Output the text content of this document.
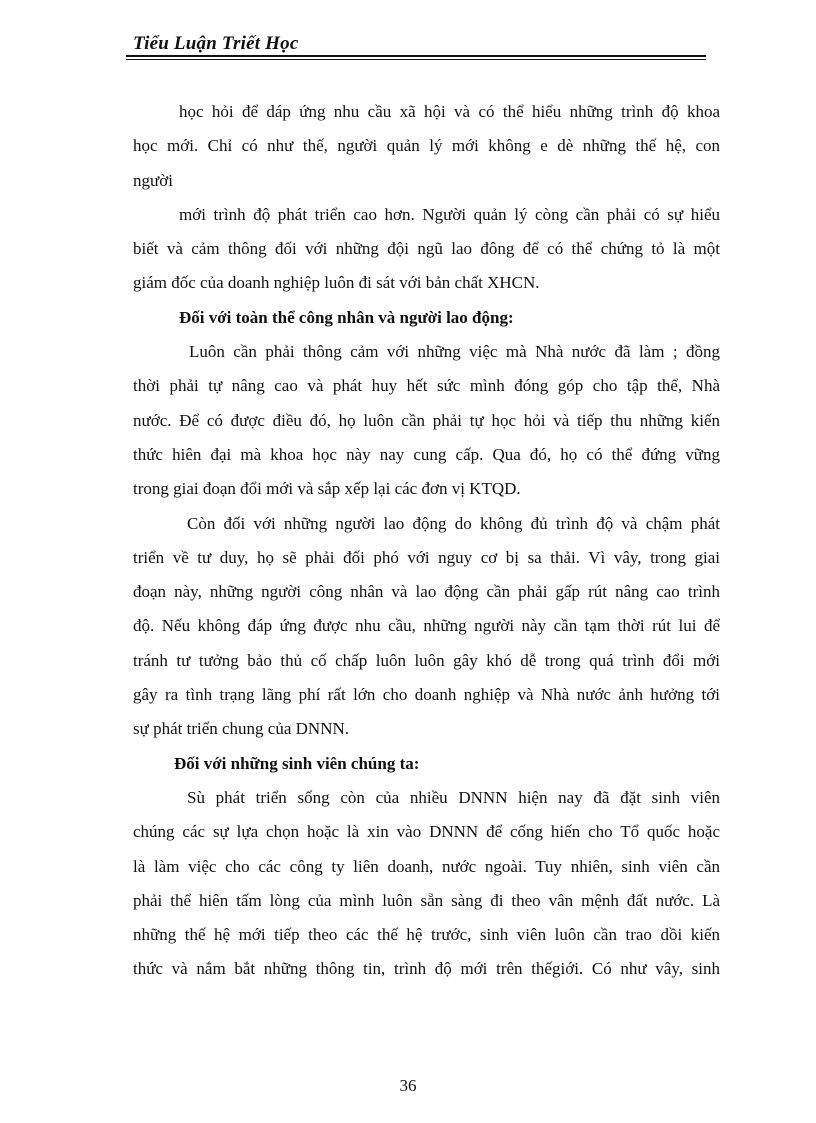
Tiểu Luận Triết Học
học hỏi để dáp ứng nhu cầu xã hội và có thể hiểu những trình độ khoa
học mới. Chỉ có như thế, người quản lý mới không e dè những thế hệ, con
người
mới trình độ phát triển cao hơn. Người quản lý còng cần phải có sự hiểu
biết và cảm thông đối với những đội ngũ lao đông để có thể chứng tỏ là một
giám đốc của doanh nghiệp luôn đi sát với bản chất XHCN.
Đối với toàn thể công nhân và người lao động:
Luôn cần phải thông cảm với những việc mà Nhà nước đã làm ; đồng
thời phải tự nâng cao và phát huy hết sức mình đóng góp cho tập thể, Nhà
nước. Để có được điều đó, họ luôn cần phải tự học hỏi và tiếp thu những kiến
thức hiên đại mà khoa học này nay cung cấp. Qua đó, họ có thể đứng vững
trong giai đoạn đổi mới và sắp xếp lại các đơn vị KTQD.
Còn đối với những người lao động do không đủ trình độ và chậm phát
triển về tư duy, họ sẽ phải đối phó với nguy cơ bị sa thải. Vì vây, trong giai
đoạn này, những người công nhân và lao động cần phải gấp rút nâng cao trình
độ. Nếu không đáp ứng được nhu cầu, những người này cần tạm thời rút lui để
tránh tư tưởng bảo thủ cố chấp luôn luôn gây khó dễ trong quá trình đổi mới
gây ra tình trạng lãng phí rất lớn cho doanh nghiệp và Nhà nước ảnh hưởng tới
sự phát triển chung của DNNN.
Đối với những sinh viên chúng ta:
Sù phát triển sống còn của nhiều DNNN hiện nay đã đặt sinh viên
chúng các sự lựa chọn hoặc là xin vào DNNN để cống hiến cho Tổ quốc hoặc
là làm việc cho các công ty liên doanh, nước ngoài. Tuy nhiên, sinh viên cần
phải thể hiên tấm lòng của mình luôn sẵn sàng đi theo vân mệnh đất nước. Là
những thế hệ mới tiếp theo các thế hệ trước, sinh viên luôn cần trao dồi kiến
thức và nắm bắt những thông tin, trình độ mới trên thếgiới. Có như vây, sinh
36
